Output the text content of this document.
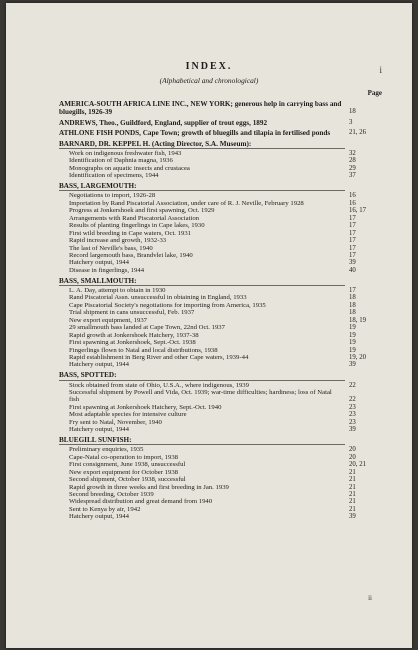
i
INDEX.
(Alphabetical and chronological)
Page
AMERICA-SOUTH AFRICA LINE INC., NEW YORK; generous help in carrying bass and bluegills, 1926-39	18
ANDREWS, Theo., Guildford, England, supplier of trout eggs, 1892	3
ATHLONE FISH PONDS, Cape Town; growth of bluegills and tilapia in fertilised ponds	21, 26
BARNARD, DR. KEPPEL H. (Acting Director, S.A. Museum):
Work on indigenous freshwater fish, 1943	32
Identification of Daphnia magna, 1936	28
Monographs on aquatic insects and crustacea	29
Identification of specimens, 1944	37
BASS, LARGEMOUTH:
Negotiations to import, 1926-28	16
Importation by Rand Piscatorial Association, under care of R. J. Neville, February 1928	16
Progress at Jonkershoek and first spawning, Oct. 1929	16, 17
Arrangements with Rand Piscatorial Association	17
Results of planting fingerlings in Cape lakes, 1930	17
First wild breeding in Cape waters, Oct. 1931	17
Rapid increase and growth, 1932-33	17
The last of Neville's bass, 1940	17
Record largemouth bass, Brandvlei lake, 1940	17
Hatchery output, 1944	39
Disease in fingerlings, 1944	40
BASS, SMALLMOUTH:
L. A. Day, attempt to obtain in 1930	17
Rand Piscatorial Assn. unsuccessful in obtaining in England, 1933	18
Cape Piscatorial Society's negotiations for importing from America, 1935	18
Trial shipment in cans unsuccessful, Feb. 1937	18
New export equipment, 1937	18, 19
29 smallmouth bass landed at Cape Town, 22nd Oct. 1937	19
Rapid growth at Jonkershoek Hatchery, 1937-38	19
First spawning at Jonkershoek, Sept.-Oct. 1938	19
Fingerlings flown to Natal and local distributions, 1938	19
Rapid establishment in Berg River and other Cape waters, 1939-44	19, 20
Hatchery output, 1944	39
BASS, SPOTTED:
Stock obtained from state of Ohio, U.S.A., where indigenous, 1939	22
Successful shipment by Powell and Vida, Oct. 1939; war-time difficulties; hardiness; loss of Natal fish	22
First spawning at Jonkershoek Hatchery, Sept.-Oct. 1940	23
Most adaptable species for intensive culture	23
Fry sent to Natal, November, 1940	23
Hatchery output, 1944	39
BLUEGILL SUNFISH:
Preliminary enquiries, 1935	20
Cape-Natal co-operation to import, 1938	20
First consignment, June 1938, unsuccessful	20, 21
New export equipment for October 1938	21
Second shipment, October 1938, successful	21
Rapid growth in three weeks and first breeding in Jan. 1939	21
Second breeding, October 1939	21
Widespread distribution and great demand from 1940	21
Sent to Kenya by air, 1942	21
Hatchery output, 1944	39
ii
